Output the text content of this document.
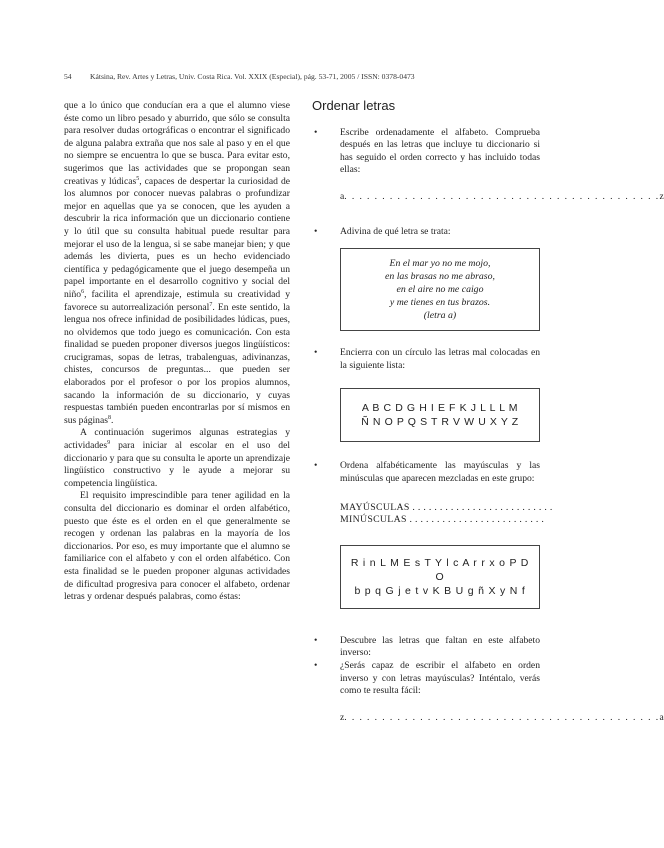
54 Kátsina, Rev. Artes y Letras, Univ. Costa Rica. Vol. XXIX (Especial), pág. 53-71, 2005 / ISSN: 0378-0473

que a lo único que conducían era a que el alumno viese éste como un libro pesado y aburrido, que sólo se consulta para resolver dudas ortográficas o encontrar el significado de alguna palabra extraña que nos sale al paso y en el que no siempre se encuentra lo que se busca. Para evitar esto, sugerimos que las actividades que se propongan sean creativas y lúdicas$^5$, capaces de despertar la curiosidad de los alumnos por conocer nuevas palabras o profundizar mejor en aquellas que ya se conocen, que les ayuden a descubrir la rica información que un diccionario contiene y lo útil que su consulta habitual puede resultar para mejorar el uso de la lengua, si se sabe manejar bien; y que además les divierta, pues es un hecho evidenciado científica y pedagógicamente que el juego desempeña un papel importante en el desarrollo cognitivo y social del niño$^6$, facilita el aprendizaje, estimula su creatividad y favorece su autorrealización personal$^7$. En este sentido, la lengua nos ofrece infinidad de posibilidades lúdicas, pues, no olvidemos que todo juego es comunicación. Con esta finalidad se pueden proponer diversos juegos lingüísticos: crucigramas, sopas de letras, trabalenguas, adivinanzas, chistes, concursos de preguntas... que pueden ser elaborados por el profesor o por los propios alumnos, sacando la información de su diccionario, y cuyas respuestas también pueden encontrarlas por sí mismos en sus páginas$^8$.

A continuación sugerimos algunas estrategias y actividades$^9$ para iniciar al escolar en el uso del diccionario y para que su consulta le aporte un aprendizaje lingüístico constructivo y le ayude a mejorar su competencia lingüística.

El requisito imprescindible para tener agilidad en la consulta del diccionario es dominar el orden alfabético, puesto que éste es el orden en el que generalmente se recogen y ordenan las palabras en la mayoría de los diccionarios. Por eso, es muy importante que el alumno se familiarice con el alfabeto y con el orden alfabético. Con esta finalidad se le pueden proponer algunas actividades de dificultad progresiva para conocer el alfabeto, ordenar letras y ordenar después palabras, como éstas:

Ordenar letras
• Escribe ordenadamente el alfabeto. Comprueba después en las letras que incluye tu diccionario si has seguido el orden correcto y has incluido todas ellas:
a . . . . . . . . . . . . . . . . . . . . . . . . . . . . . . . . . . . . . . . . . . z
• Adivina de qué letra se trata:
En el mar yo no me mojo,
en las brasas no me abraso,
en el aire no me caigo
y me tienes en tus brazos.
(letra a)
• Encierra con un círculo las letras mal colocadas en la siguiente lista:
A B C D G H I E F K J L L L M
Ñ N O P Q S T R V W U X Y Z
• Ordena alfabéticamente las mayúsculas y las minúsculas que aparecen mezcladas en este grupo:
MAYÚSCULAS . . . . . . . . . . . . . . . . . . . . . . . . . .
MINÚSCULAS . . . . . . . . . . . . . . . . . . . . . . . . .
R i n L M E s T Y l c A r r x o P D O
b p q G j e t v K B U g ñ X y N f
• Descubre las letras que faltan en este alfabeto inverso:
• ¿Serás capaz de escribir el alfabeto en orden inverso y con letras mayúsculas? Inténtalo, verás como te resulta fácil:
z . . . . . . . . . . . . . . . . . . . . . . . . . . . . . . . . . . . . . . . . . . a
